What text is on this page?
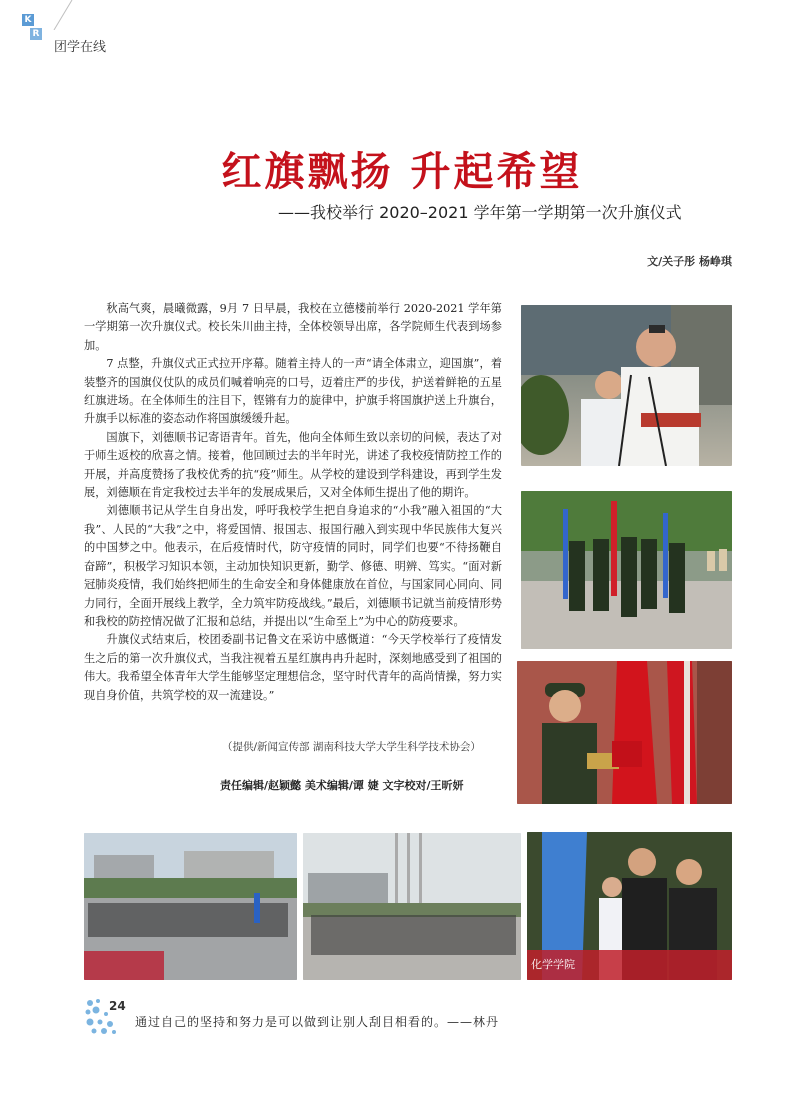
K
R
团学在线
红旗飘扬 升起希望
——我校举行 2020–2021 学年第一学期第一次升旗仪式
文/关子彤 杨峥琪

秋高气爽，晨曦微露，9月 7 日早晨，我校在立德楼前举行 2020-2021 学年第一学期第一次升旗仪式。校长朱川曲主持，全体校领导出席，各学院师生代表到场参加。

7 点整，升旗仪式正式拉开序幕。随着主持人的一声“请全体肃立，迎国旗”，着装整齐的国旗仪仗队的成员们喊着响亮的口号，迈着庄严的步伐，护送着鲜艳的五星红旗进场。在全体师生的注目下，铿锵有力的旋律中，护旗手将国旗护送上升旗台，升旗手以标准的姿态动作将国旗缓缓升起。

国旗下，刘德顺书记寄语青年。首先，他向全体师生致以亲切的问候，表达了对于师生返校的欣喜之情。接着，他回顾过去的半年时光，讲述了我校疫情防控工作的开展，并高度赞扬了我校优秀的抗“疫”师生。从学校的建设到学科建设，再到学生发展，刘德顺在肯定我校过去半年的发展成果后，又对全体师生提出了他的期许。

刘德顺书记从学生自身出发，呼吁我校学生把自身追求的“小我”融入祖国的“大我”、人民的“大我”之中，将爱国情、报国志、报国行融入到实现中华民族伟大复兴的中国梦之中。他表示，在后疫情时代，防守疫情的同时，同学们也要“不待扬鞭自奋蹄”，积极学习知识本领，主动加快知识更新，勤学、修德、明辨、笃实。“面对新冠肺炎疫情，我们始终把师生的生命安全和身体健康放在首位，与国家同心同向、同力同行，全面开展线上教学，全力筑牢防疫战线。”最后，刘德顺书记就当前疫情形势和我校的防控情况做了汇报和总结，并提出以“生命至上”为中心的防疫要求。

升旗仪式结束后，校团委副书记鲁文在采访中感慨道：“今天学校举行了疫情发生之后的第一次升旗仪式，当我注视着五星红旗冉冉升起时，深刻地感受到了祖国的伟大。我希望全体青年大学生能够坚定理想信念，坚守时代青年的高尚情操，努力实现自身价值，共筑学校的双一流建设。”

（提供/新闻宣传部 湖南科技大学大学生科学技术协会）
责任编辑/赵颖懿 美术编辑/谭 婕 文字校对/王昕妍
化学学院
24
通过自己的坚持和努力是可以做到让别人刮目相看的。——林丹
